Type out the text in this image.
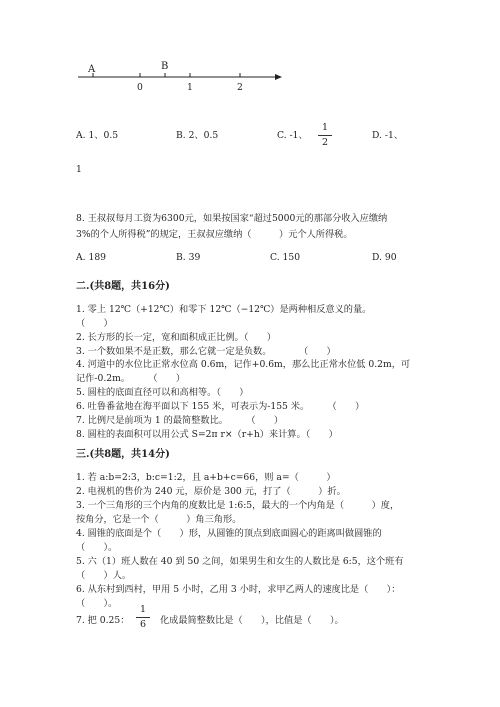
A	B
0	1	2
A. 1、0.5	B. 2、0.5	C. -1、
1
2
D. -1、
1
8. 王叔叔每月工资为6300元，如果按国家“超过5000元的那部分收入应缴纳
3%的个人所得税”的规定，王叔叔应缴纳（　　　）元个人所得税。
A. 189	B. 39	C. 150	D. 90
二.(共8题，共16分)
1. 零上 12℃（+12℃）和零下 12℃（−12℃）是两种相反意义的量。
（　　）
2. 长方形的长一定，宽和面积成正比例。（　　）
3. 一个数如果不是正数，那么它就一定是负数。　　　　（　　）
4. 河道中的水位比正常水位高 0.6m，记作+0.6m，那么比正常水位低 0.2m，可
记作-0.2m。　　　（　　）
5. 圆柱的底面直径可以和高相等。（　　）
6. 吐鲁番盆地在海平面以下 155 米，可表示为-155 米。　　　（　　）
7. 比例尺是前项为 1 的最简整数比。　　　（　　）
8. 圆柱的表面积可以用公式 S=2π r×（r+h）来计算。（　　）
三.(共8题，共14分)
1. 若 a:b=2:3，b:c=1:2，且 a+b+c=66，则 a=（　　　）
2. 电视机的售价为 240 元，原价是 300 元，打了（　　　）折。
3. 一个三角形的三个内角的度数比是 1:6:5，最大的一个内角是（　　　）度，
按角分，它是一个（　　　）角三角形。
4. 圆锥的底面是个（　　）形，从圆锥的顶点到底面圆心的距离叫做圆锥的
（　　）。
5. 六（1）班人数在 40 到 50 之间，如果男生和女生的人数比是 6:5，这个班有
（　　）人。
6. 从东村到西村，甲用 5 小时，乙用 3 小时，求甲乙两人的速度比是（　　）：
（　　）。
7. 把 0.25：
1
6	化成最简整数比是（　　），比值是（　　）。
